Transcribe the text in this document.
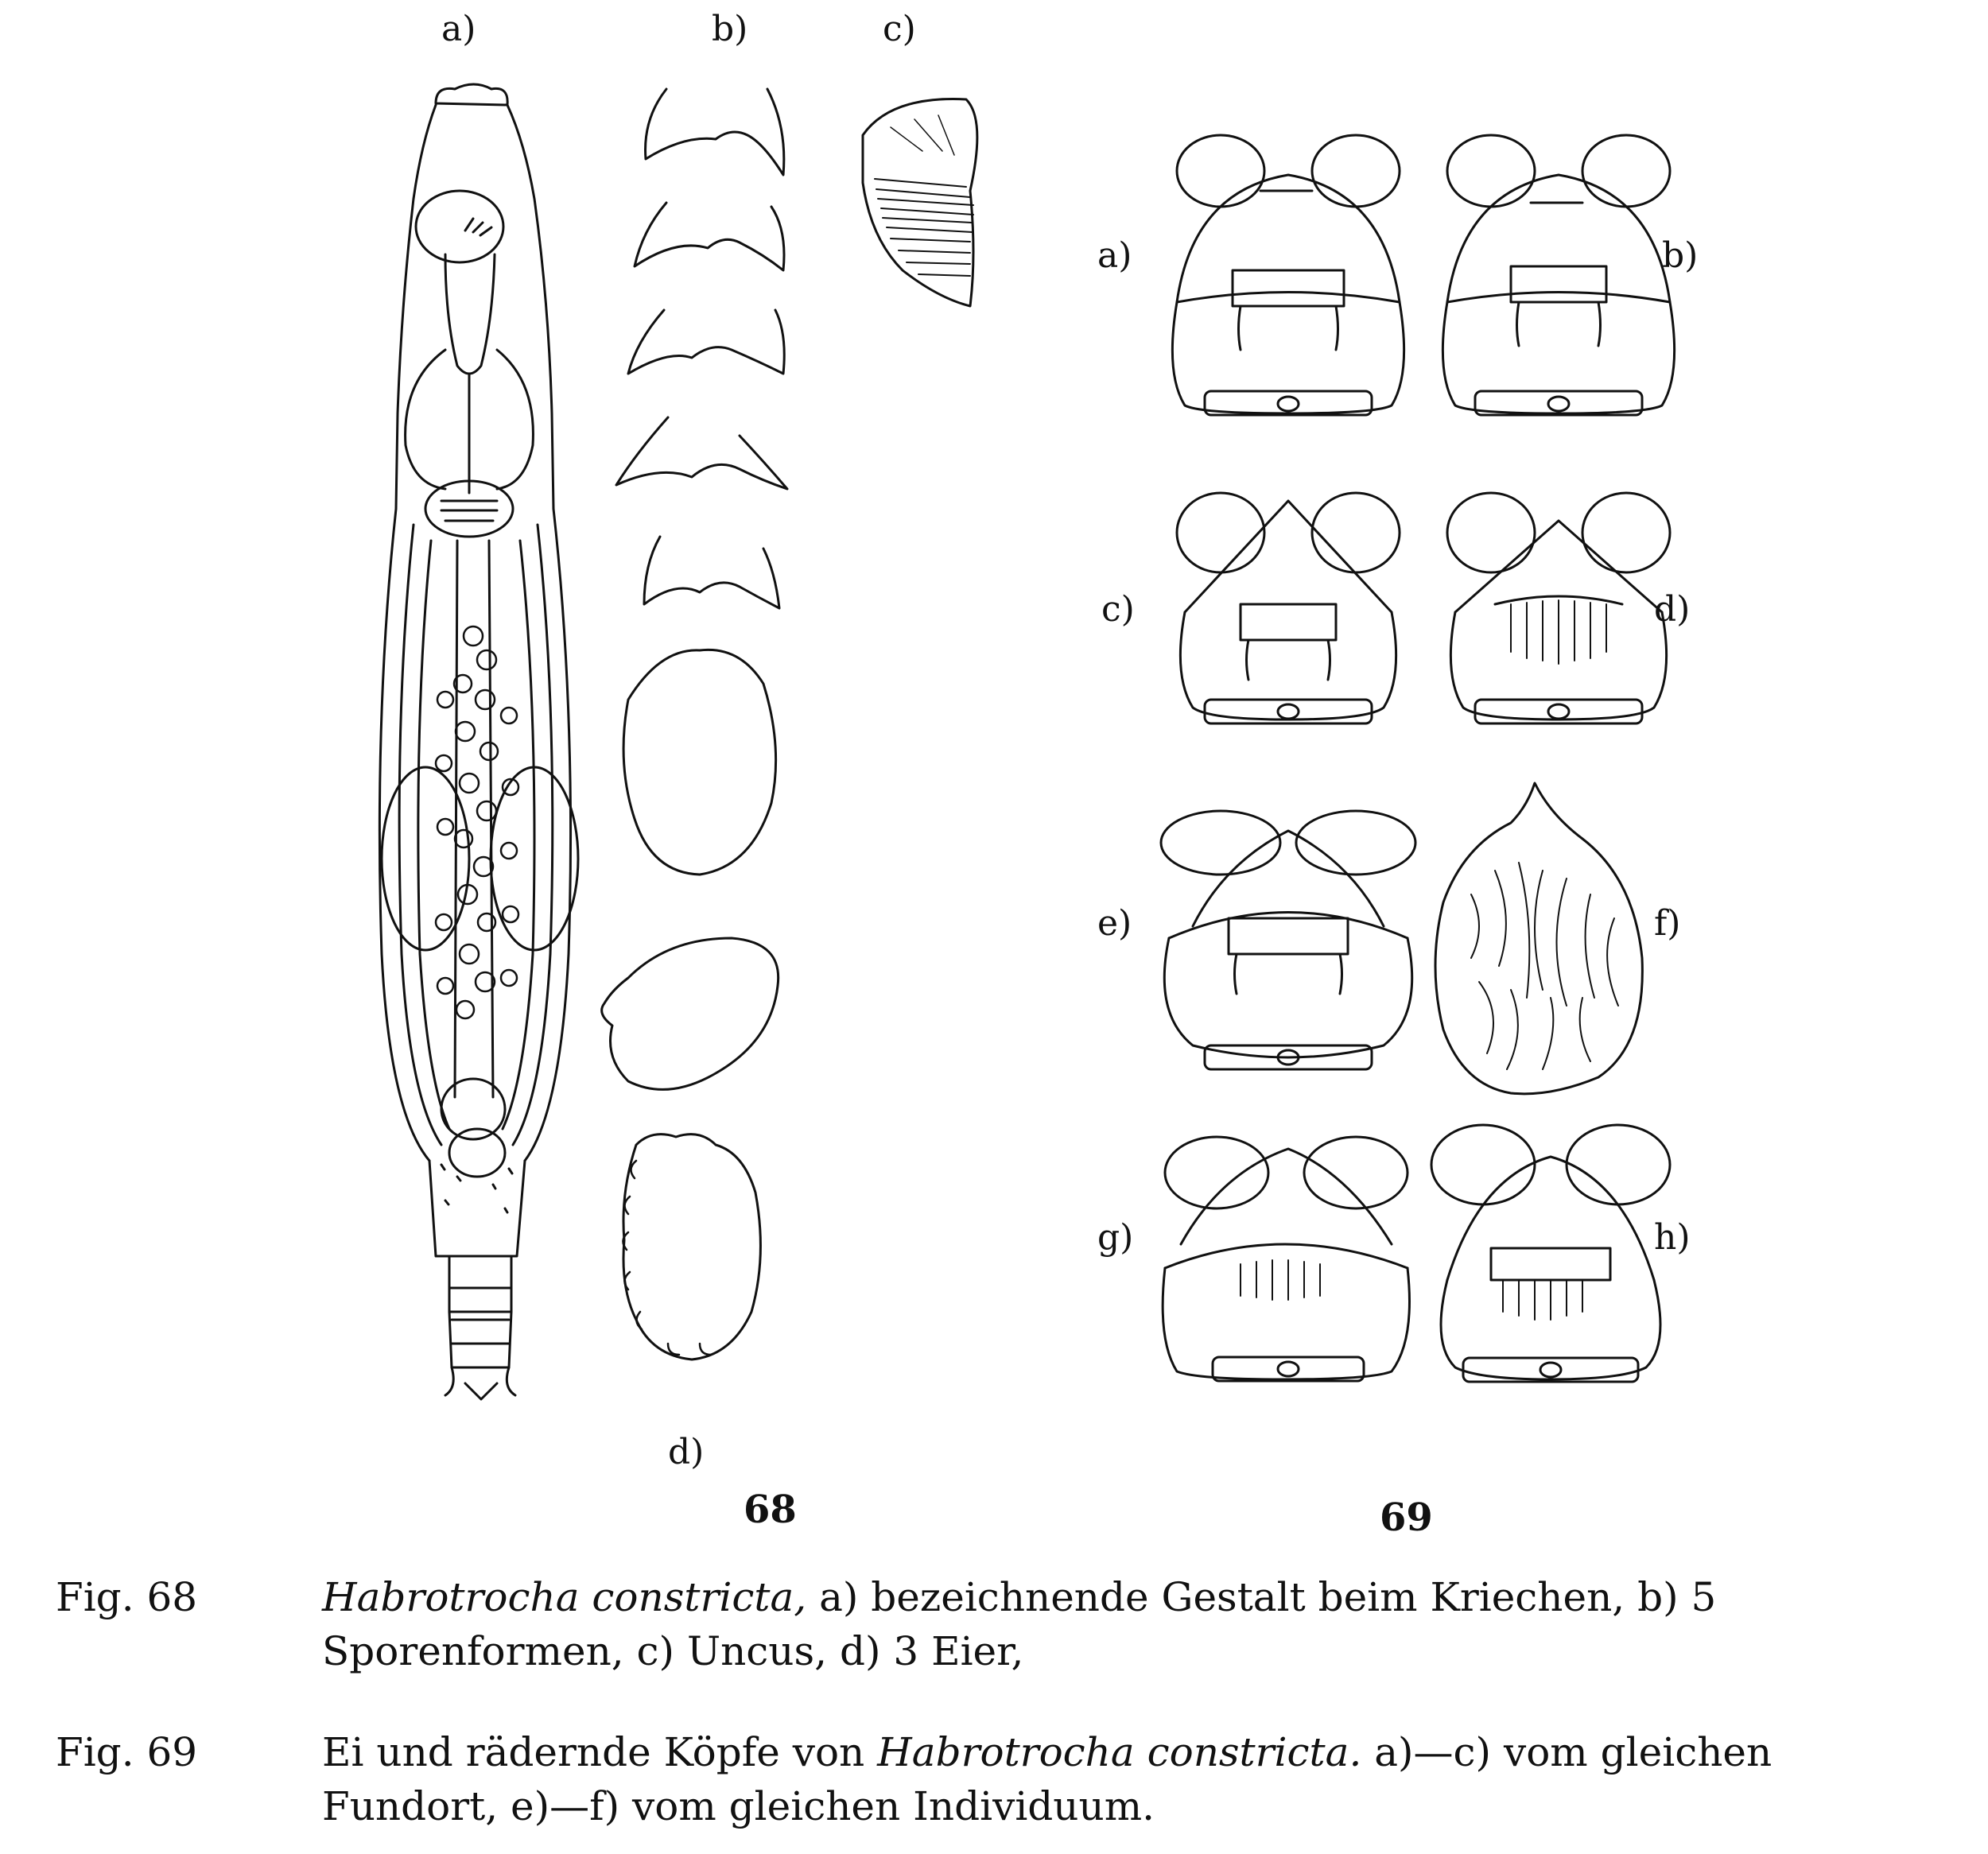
a)	b)	c)
d)
68
a)	b)
c)	d)
e)	f)
g)	h)
69
Fig. 68	Habrotrocha constricta, a) bezeichnende Gestalt beim Kriechen, b) 5 Sporenformen, c) Uncus, d) 3 Eier,
Fig. 69	Ei und rädernde Köpfe von Habrotrocha constricta. a)—c) vom gleichen Fundort, e)—f) vom gleichen Individuum.
